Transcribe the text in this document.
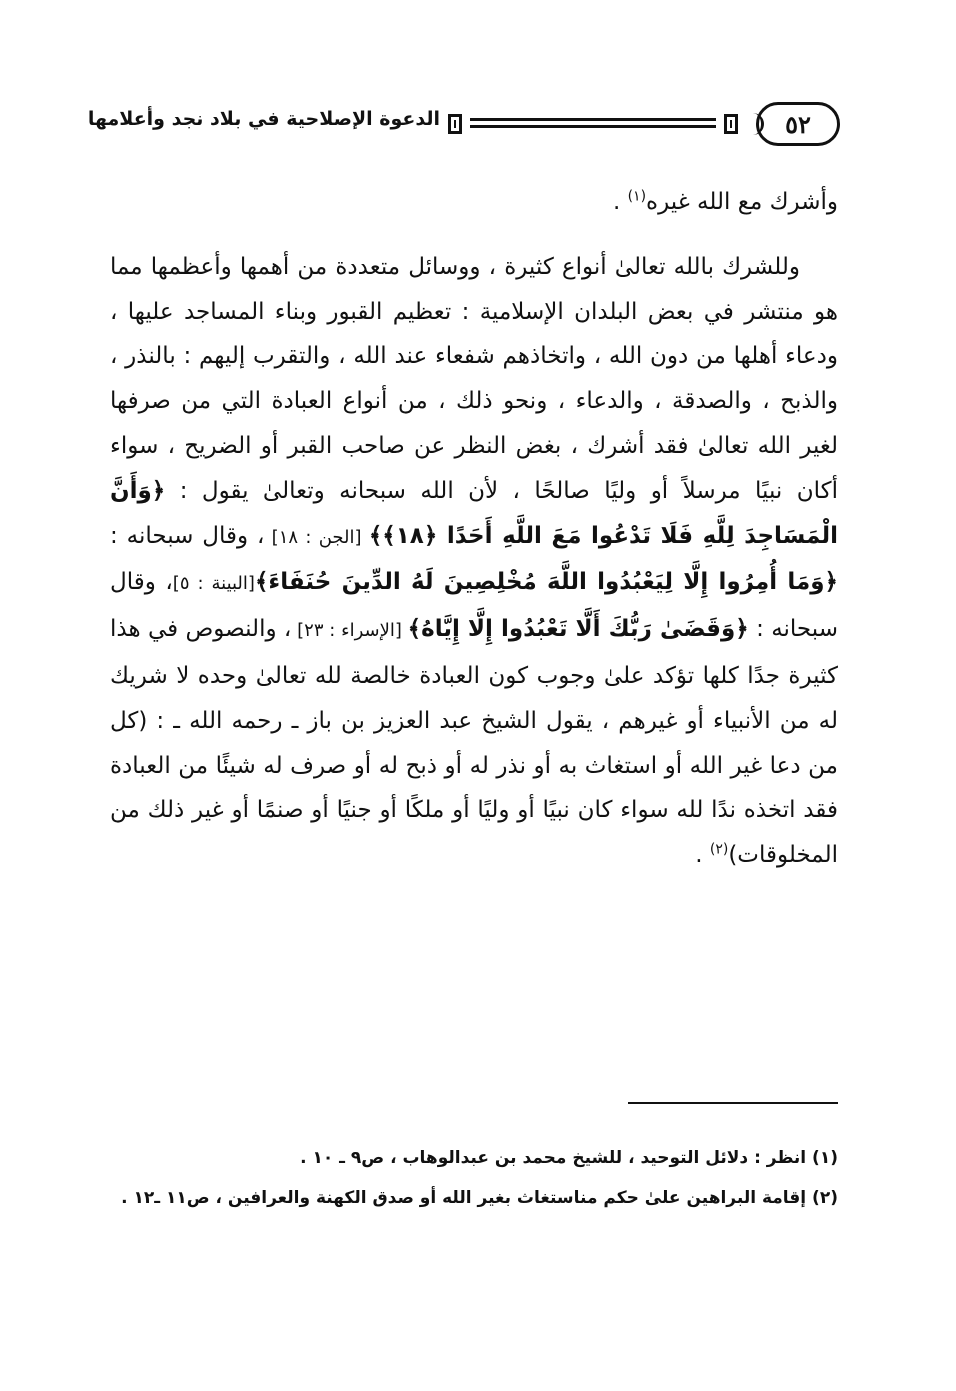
٥٢
الدعوة الإصلاحية في بلاد نجد وأعلامها

وأشرك مع الله غيره$^{(١)}$ .

وللشرك بالله تعالىٰ أنواع كثيرة ، ووسائل متعددة من أهمها وأعظمها مما هو منتشر في بعض البلدان الإسلامية : تعظيم القبور وبناء المساجد عليها ، ودعاء أهلها من دون الله ، واتخاذهم شفعاء عند الله ، والتقرب إليهم : بالنذر ، والذبح ، والصدقة ، والدعاء ، ونحو ذلك ، من أنواع العبادة التي من صرفها لغير الله تعالىٰ فقد أشرك ، بغض النظر عن صاحب القبر أو الضريح ، سواء أكان نبيًا مرسلاً أو وليًا صالحًا ، لأن الله سبحانه وتعالىٰ يقول : ﴿وَأَنَّ الْمَسَاجِدَ لِلَّهِ فَلَا تَدْعُوا مَعَ اللَّهِ أَحَدًا ﴿١٨﴾﴾ [الجن : ١٨] ، وقال سبحانه : ﴿وَمَا أُمِرُوا إِلَّا لِيَعْبُدُوا اللَّهَ مُخْلِصِينَ لَهُ الدِّينَ حُنَفَاءَ﴾[البينة : ٥]، وقال سبحانه : ﴿وَقَضَىٰ رَبُّكَ أَلَّا تَعْبُدُوا إِلَّا إِيَّاهُ﴾ [الإسراء : ٢٣] ، والنصوص في هذا كثيرة جدًا كلها تؤكد علىٰ وجوب كون العبادة خالصة لله تعالىٰ وحده لا شريك له من الأنبياء أو غيرهم ، يقول الشيخ عبد العزيز بن باز ـ رحمه الله ـ : (كل من دعا غير الله أو استغاث به أو نذر له أو ذبح له أو صرف له شيئًا من العبادة فقد اتخذه ندًا لله سواء كان نبيًا أو وليًا أو ملكًا أو جنيًا أو صنمًا أو غير ذلك من المخلوقات)$^{(٢)}$ .

(١) انظر : دلائل التوحيد ، للشيخ محمد بن عبدالوهاب ، ص٩ ـ ١٠ .

(٢) إقامة البراهين علىٰ حكم مناستغاث بغير الله أو صدق الكهنة والعرافين ، ص١١ ـ١٢ .
